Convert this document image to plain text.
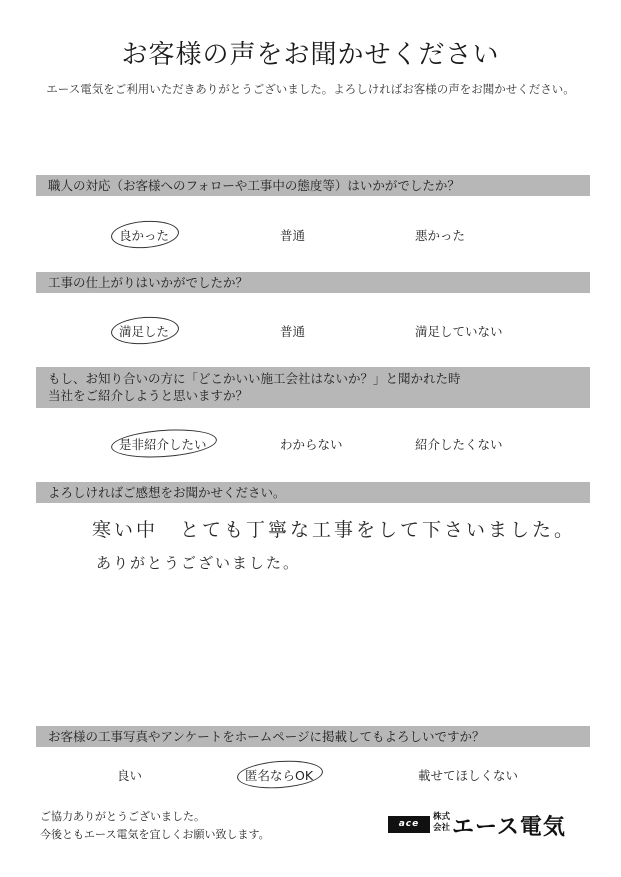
お客様の声をお聞かせください
エース電気をご利用いただきありがとうございました。よろしければお客様の声をお聞かせください。
職人の対応（お客様へのフォローや工事中の態度等）はいかがでしたか？
良かった	普通	悪かった
工事の仕上がりはいかがでしたか？
満足した	普通	満足していない
もし、お知り合いの方に「どこかいい施工会社はないか？」と聞かれた時
当社をご紹介しようと思いますか？
是非紹介したい	わからない	紹介したくない
よろしければご感想をお聞かせください。
寒い中　とても丁寧な工事をして下さいました。
ありがとうございました。
お客様の工事写真やアンケートをホームページに掲載してもよろしいですか？
良い	匿名ならOK	載せてほしくない
ご協力ありがとうございました。
今後ともエース電気を宜しくお願い致します。
ace
株式
会社 エース電気
